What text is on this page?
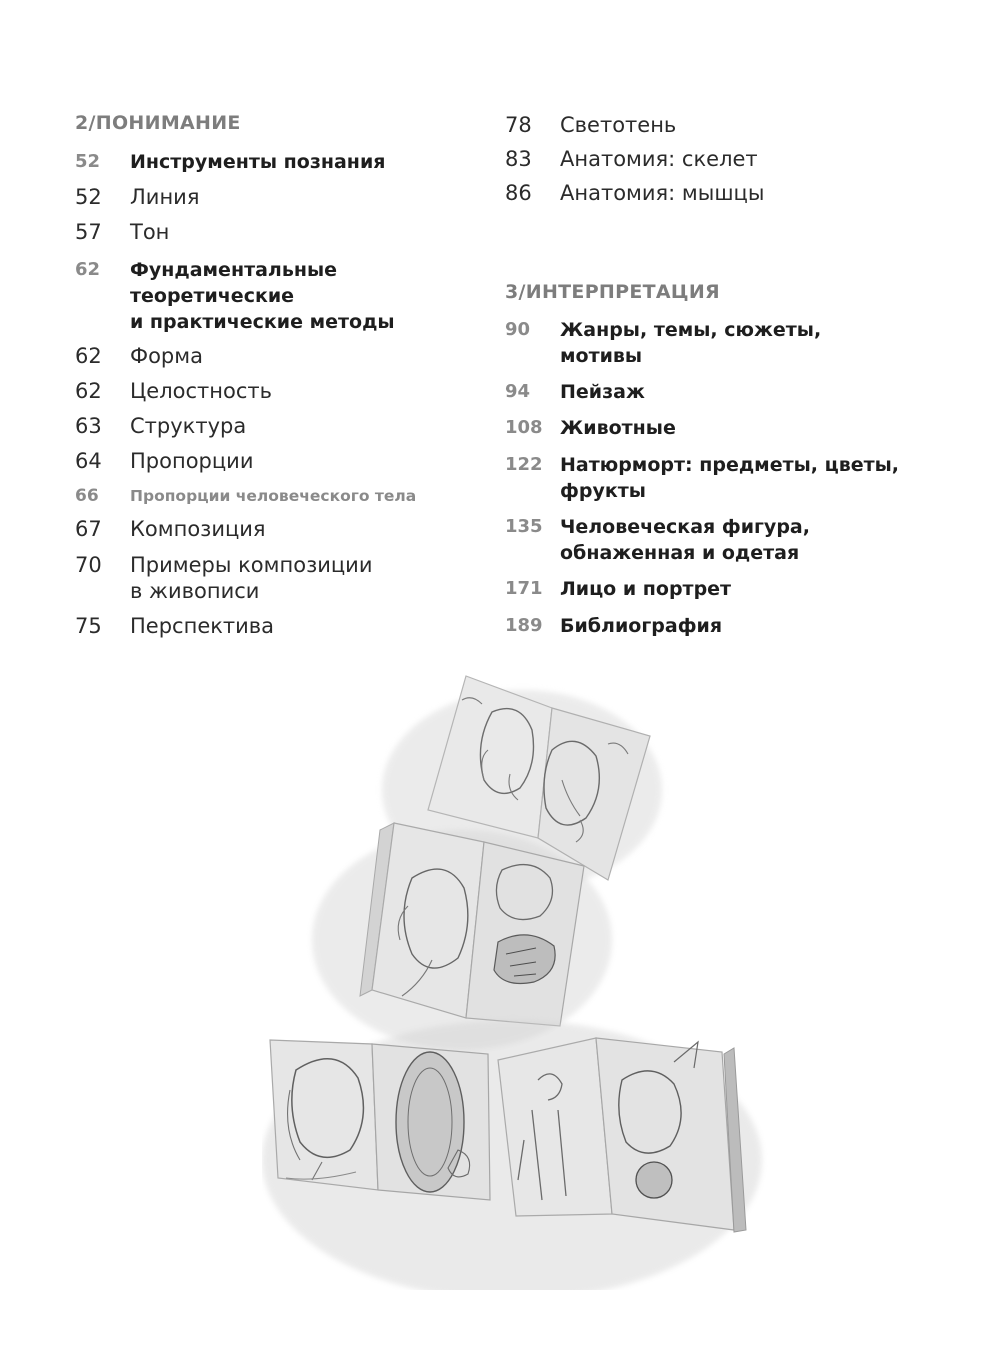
2/ПОНИМАНИЕ
52	Инструменты познания
52	Линия
57	Тон
62	Фундаментальные теоретические
и практические методы
62	Форма
62	Целостность
63	Структура
64	Пропорции
66	Пропорции человеческого тела
67	Композиция
70	Примеры композиции
в живописи
75	Перспектива
78	Светотень
83	Анатомия: скелет
86	Анатомия: мышцы
3/ИНТЕРПРЕТАЦИЯ
90	Жанры, темы, сюжеты,
мотивы
94	Пейзаж
108 Животные
122 Натюрморт: предметы, цветы,
фрукты
135 Человеческая фигура,
обнаженная и одетая
171 Лицо и портрет
189 Библиография
